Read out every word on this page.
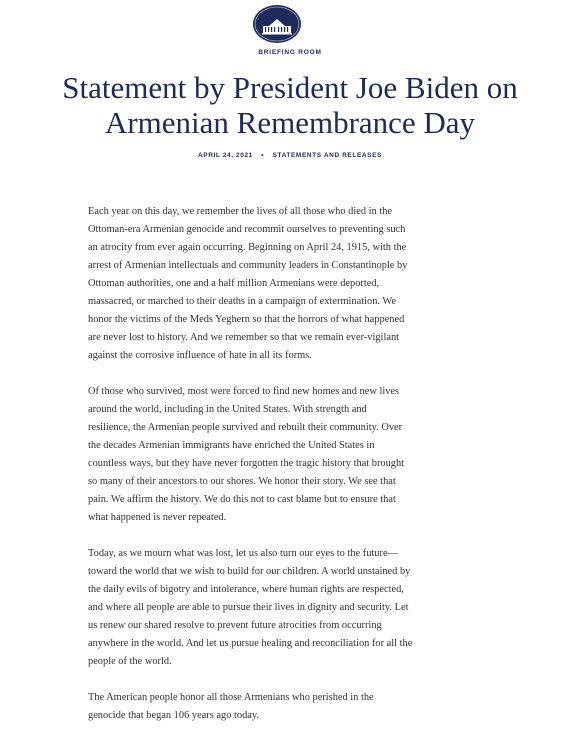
BRIEFING ROOM
Statement by President Joe Biden on
Armenian Remembrance Day
APRIL 24, 2021 • STATEMENTS AND RELEASES

Each year on this day, we remember the lives of all those who died in the
Ottoman-era Armenian genocide and recommit ourselves to preventing such
an atrocity from ever again occurring. Beginning on April 24, 1915, with the
arrest of Armenian intellectuals and community leaders in Constantinople by
Ottoman authorities, one and a half million Armenians were deported,
massacred, or marched to their deaths in a campaign of extermination. We
honor the victims of the Meds Yeghern so that the horrors of what happened
are never lost to history. And we remember so that we remain ever-vigilant
against the corrosive influence of hate in all its forms.

Of those who survived, most were forced to find new homes and new lives
around the world, including in the United States. With strength and
resilience, the Armenian people survived and rebuilt their community. Over
the decades Armenian immigrants have enriched the United States in
countless ways, but they have never forgotten the tragic history that brought
so many of their ancestors to our shores. We honor their story. We see that
pain. We affirm the history. We do this not to cast blame but to ensure that
what happened is never repeated.

Today, as we mourn what was lost, let us also turn our eyes to the future—
toward the world that we wish to build for our children. A world unstained by
the daily evils of bigotry and intolerance, where human rights are respected,
and where all people are able to pursue their lives in dignity and security. Let
us renew our shared resolve to prevent future atrocities from occurring
anywhere in the world. And let us pursue healing and reconciliation for all the
people of the world.

The American people honor all those Armenians who perished in the
genocide that began 106 years ago today.
